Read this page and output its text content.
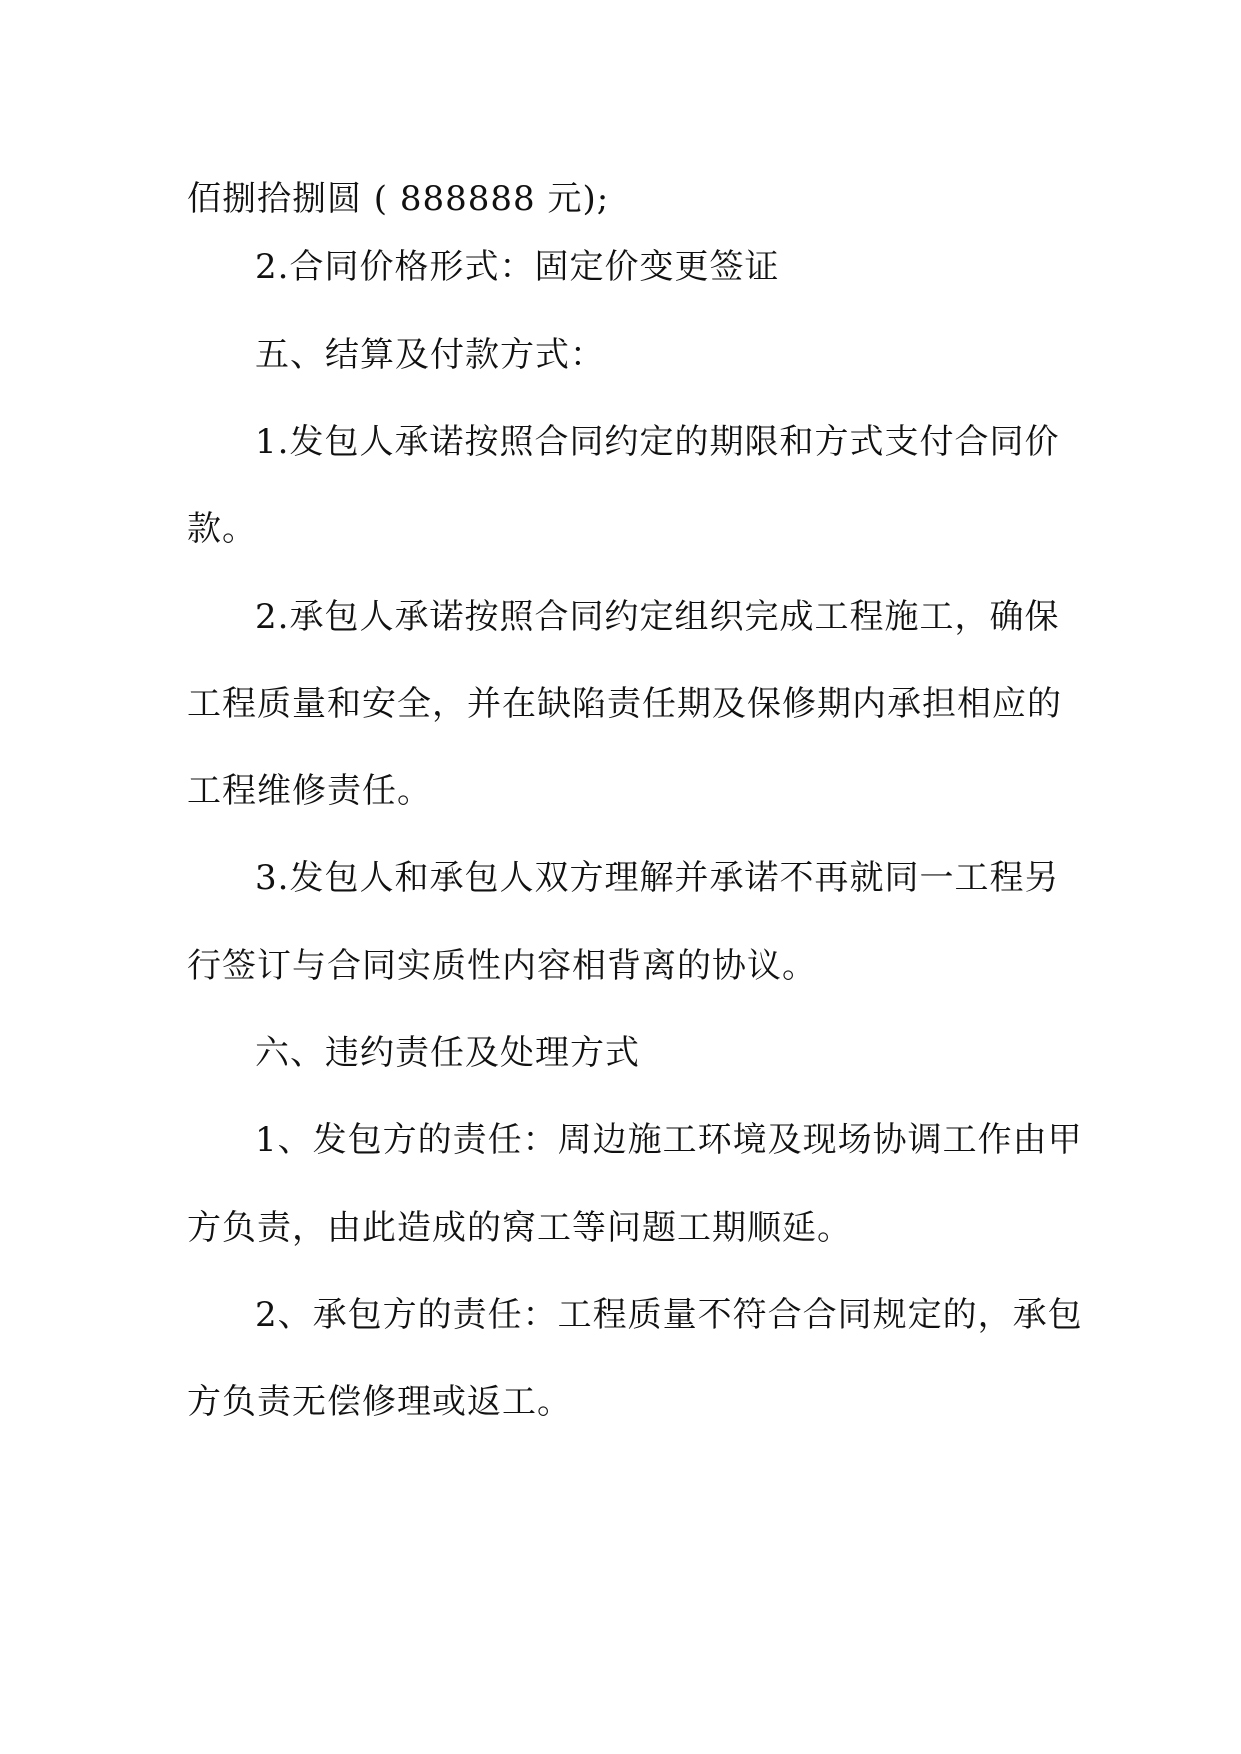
佰捌拾捌圆 ( 888888 元);
2.合同价格形式：固定价变更签证
五、结算及付款方式：
1.发包人承诺按照合同约定的期限和方式支付合同价
款。
2.承包人承诺按照合同约定组织完成工程施工，确保
工程质量和安全，并在缺陷责任期及保修期内承担相应的
工程维修责任。
3.发包人和承包人双方理解并承诺不再就同一工程另
行签订与合同实质性内容相背离的协议。
六、违约责任及处理方式
1、发包方的责任：周边施工环境及现场协调工作由甲
方负责，由此造成的窝工等问题工期顺延。
2、承包方的责任：工程质量不符合合同规定的，承包
方负责无偿修理或返工。
